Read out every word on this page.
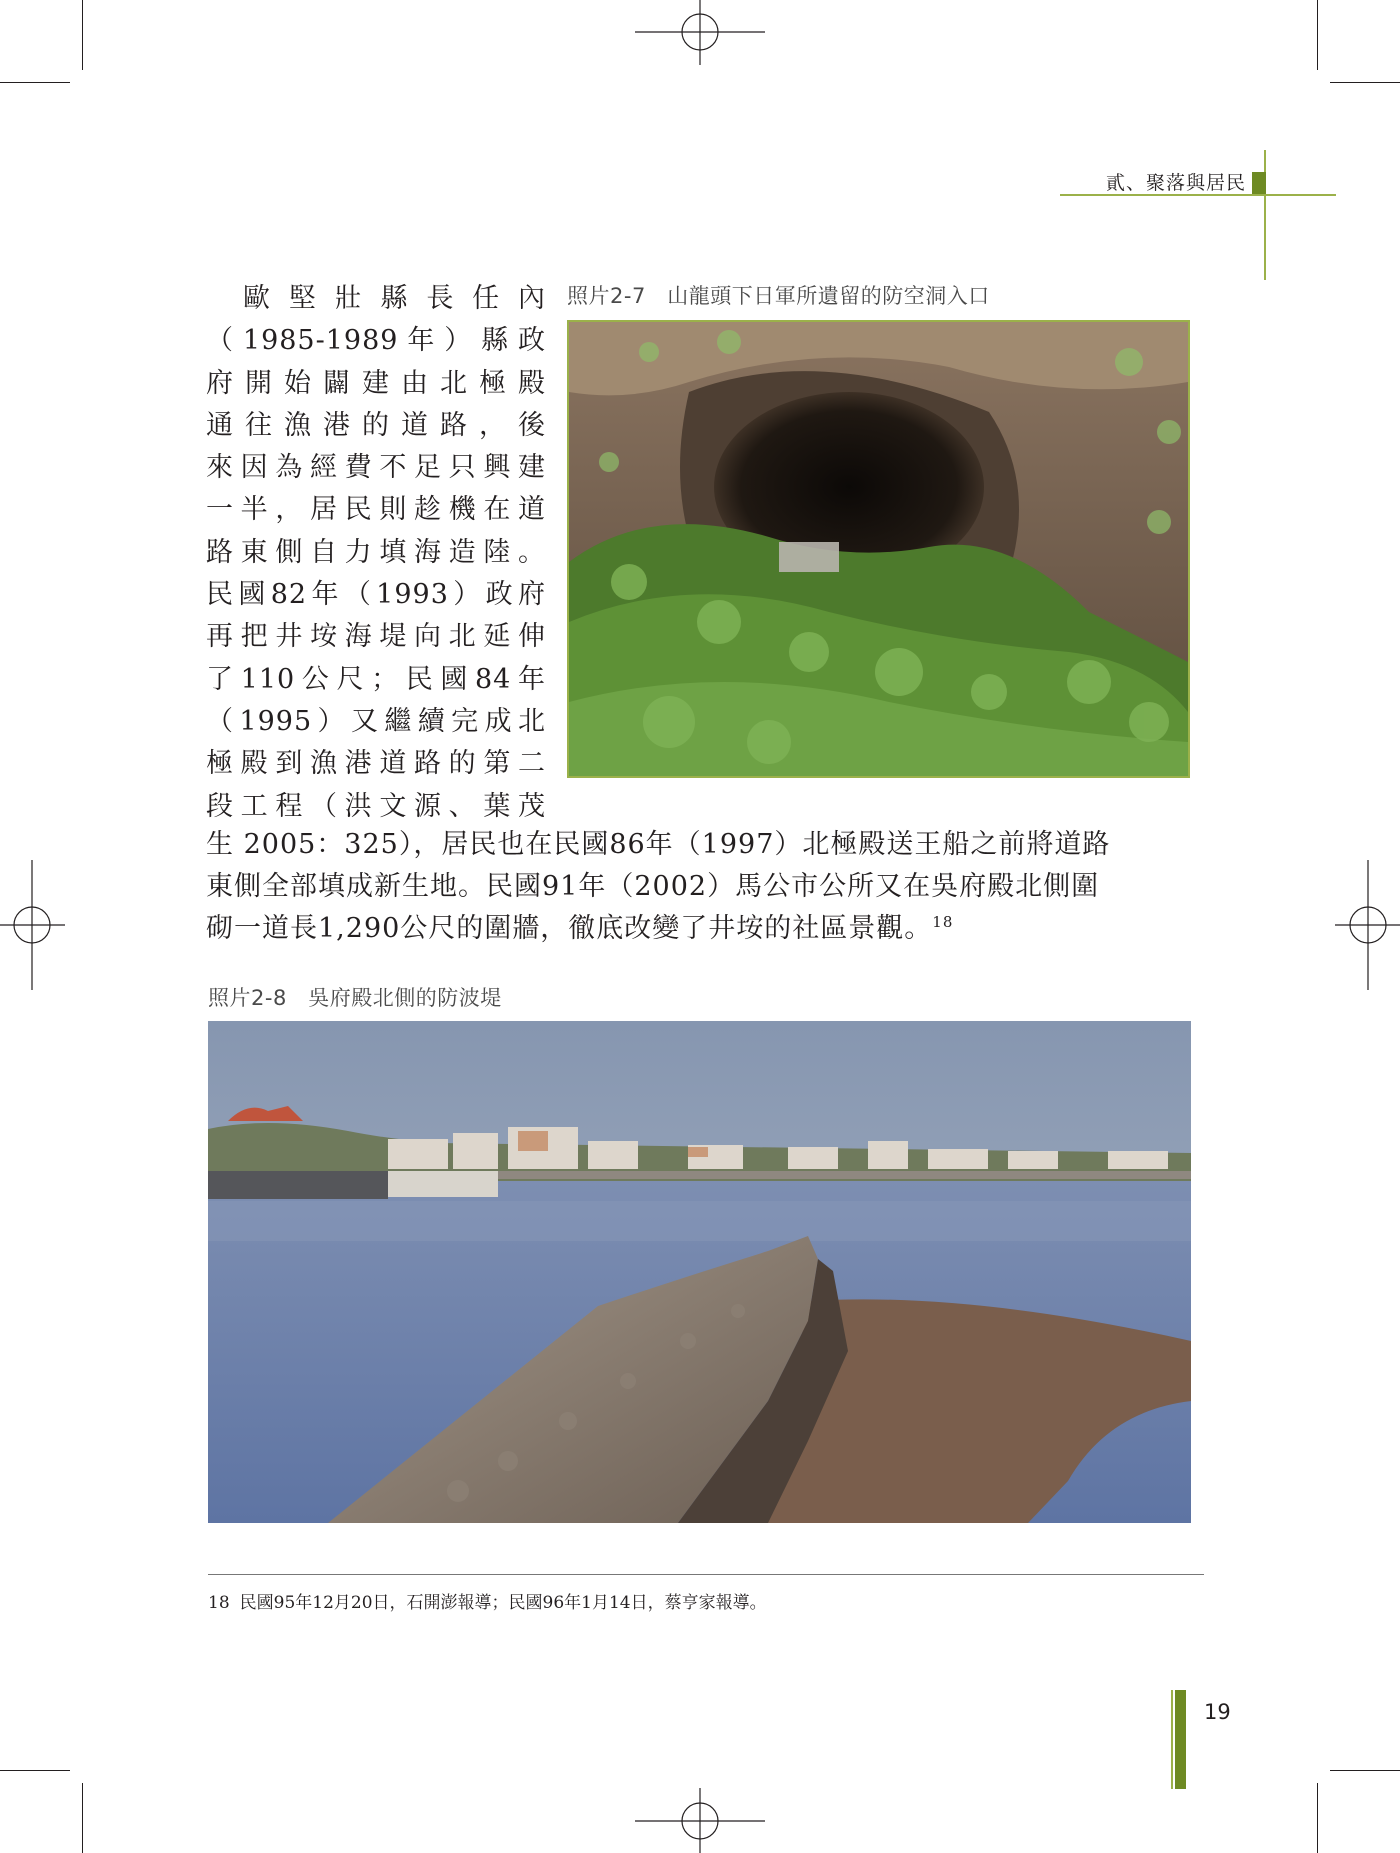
貳、聚落與居民
歐堅壯縣長任內
（1985-1989年）縣政
府開始闢建由北極殿
通往漁港的道路，後
來因為經費不足只興建
一半，居民則趁機在道
路東側自力填海造陸。
民國82年（1993）政府
再把井垵海堤向北延伸
了110公尺；民國84年
（1995）又繼續完成北
極殿到漁港道路的第二
段工程（洪文源、葉茂
照片2-7　山龍頭下日軍所遺留的防空洞入口
生 2005：325），居民也在民國86年（1997）北極殿送王船之前將道路
東側全部填成新生地。民國91年（2002）馬公市公所又在吳府殿北側圍
砌一道長1,290公尺的圍牆，徹底改變了井垵的社區景觀。$^{18}$
照片2-8　吳府殿北側的防波堤
18 民國95年12月20日，石開澎報導；民國96年1月14日，蔡亨家報導。
19
